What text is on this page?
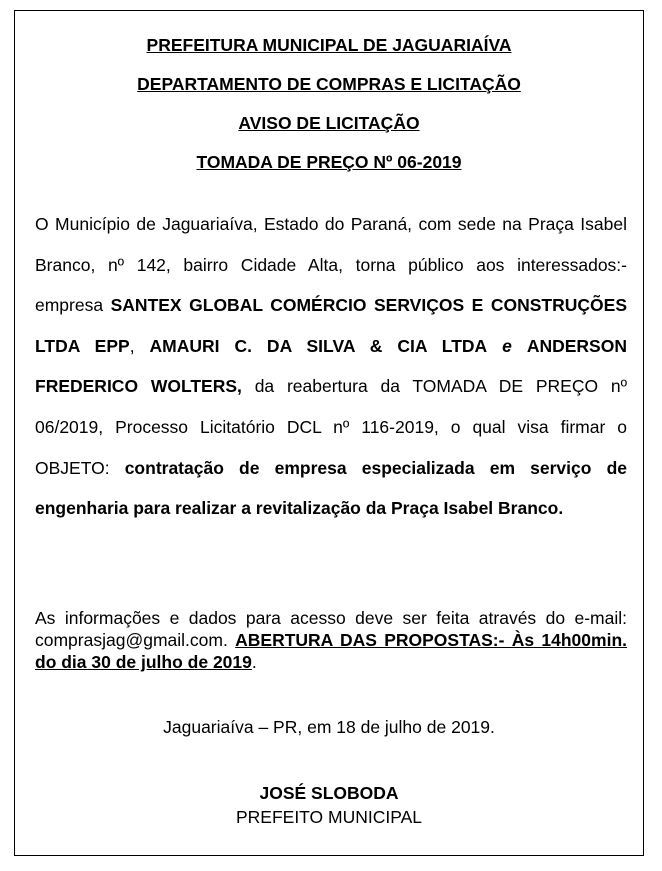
PREFEITURA MUNICIPAL DE JAGUARIAÍVA
DEPARTAMENTO DE COMPRAS E LICITAÇÃO
AVISO DE LICITAÇÃO
TOMADA DE PREÇO Nº 06-2019
O Município de Jaguariaíva, Estado do Paraná, com sede na Praça Isabel Branco, nº 142, bairro Cidade Alta, torna público aos interessados:- empresa SANTEX GLOBAL COMÉRCIO SERVIÇOS E CONSTRUÇÕES LTDA EPP, AMAURI C. DA SILVA & CIA LTDA e ANDERSON FREDERICO WOLTERS, da reabertura da TOMADA DE PREÇO nº 06/2019, Processo Licitatório DCL nº 116-2019, o qual visa firmar o OBJETO: contratação de empresa especializada em serviço de engenharia para realizar a revitalização da Praça Isabel Branco.
As informações e dados para acesso deve ser feita através do e-mail: comprasjag@gmail.com. ABERTURA DAS PROPOSTAS:- Às 14h00min. do dia 30 de julho de 2019.
Jaguariaíva – PR, em 18 de julho de 2019.
JOSÉ SLOBODA
PREFEITO MUNICIPAL
